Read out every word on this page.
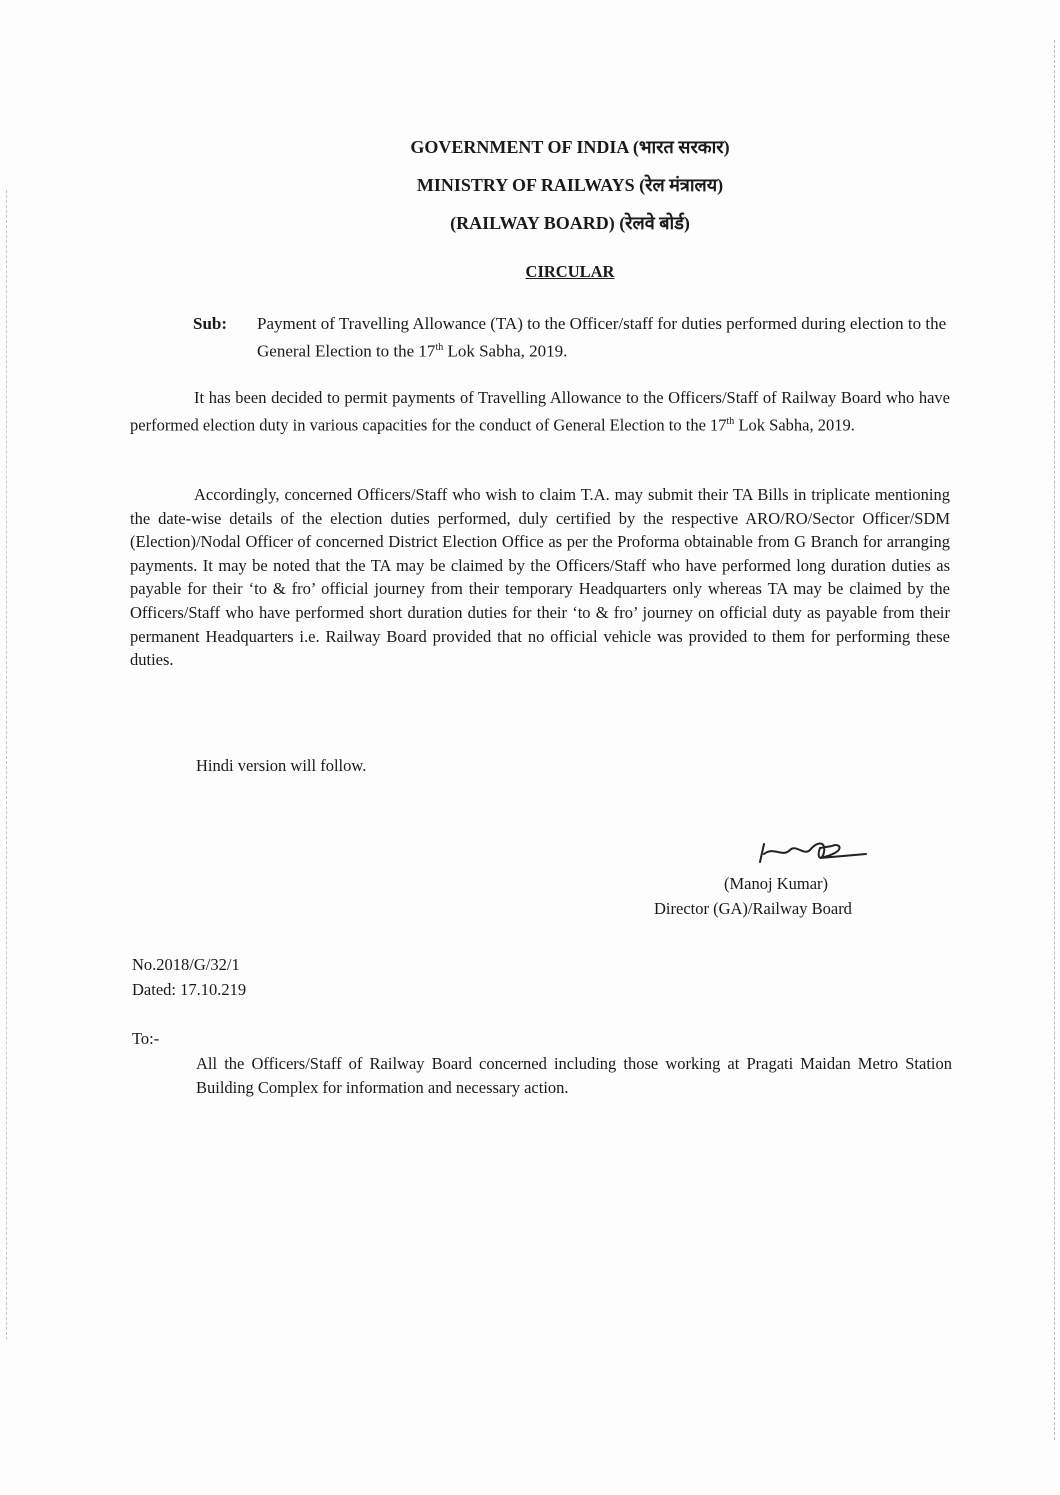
GOVERNMENT OF INDIA (भारत सरकार)
MINISTRY OF RAILWAYS (रेल मंत्रालय)
(RAILWAY BOARD) (रेलवे बोर्ड)
CIRCULAR
Sub: Payment of Travelling Allowance (TA) to the Officer/staff for duties performed during election to the General Election to the 17th Lok Sabha, 2019.

It has been decided to permit payments of Travelling Allowance to the Officers/Staff of Railway Board who have performed election duty in various capacities for the conduct of General Election to the 17th Lok Sabha, 2019.

Accordingly, concerned Officers/Staff who wish to claim T.A. may submit their TA Bills in triplicate mentioning the date-wise details of the election duties performed, duly certified by the respective ARO/RO/Sector Officer/SDM (Election)/Nodal Officer of concerned District Election Office as per the Proforma obtainable from G Branch for arranging payments. It may be noted that the TA may be claimed by the Officers/Staff who have performed long duration duties as payable for their ‘to & fro’ official journey from their temporary Headquarters only whereas TA may be claimed by the Officers/Staff who have performed short duration duties for their ‘to & fro’ journey on official duty as payable from their permanent Headquarters i.e. Railway Board provided that no official vehicle was provided to them for performing these duties.

Hindi version will follow.
(Manoj Kumar)
Director (GA)/Railway Board
No.2018/G/32/1
Dated: 17.10.219
To:-

All the Officers/Staff of Railway Board concerned including those working at Pragati Maidan Metro Station Building Complex for information and necessary action.
